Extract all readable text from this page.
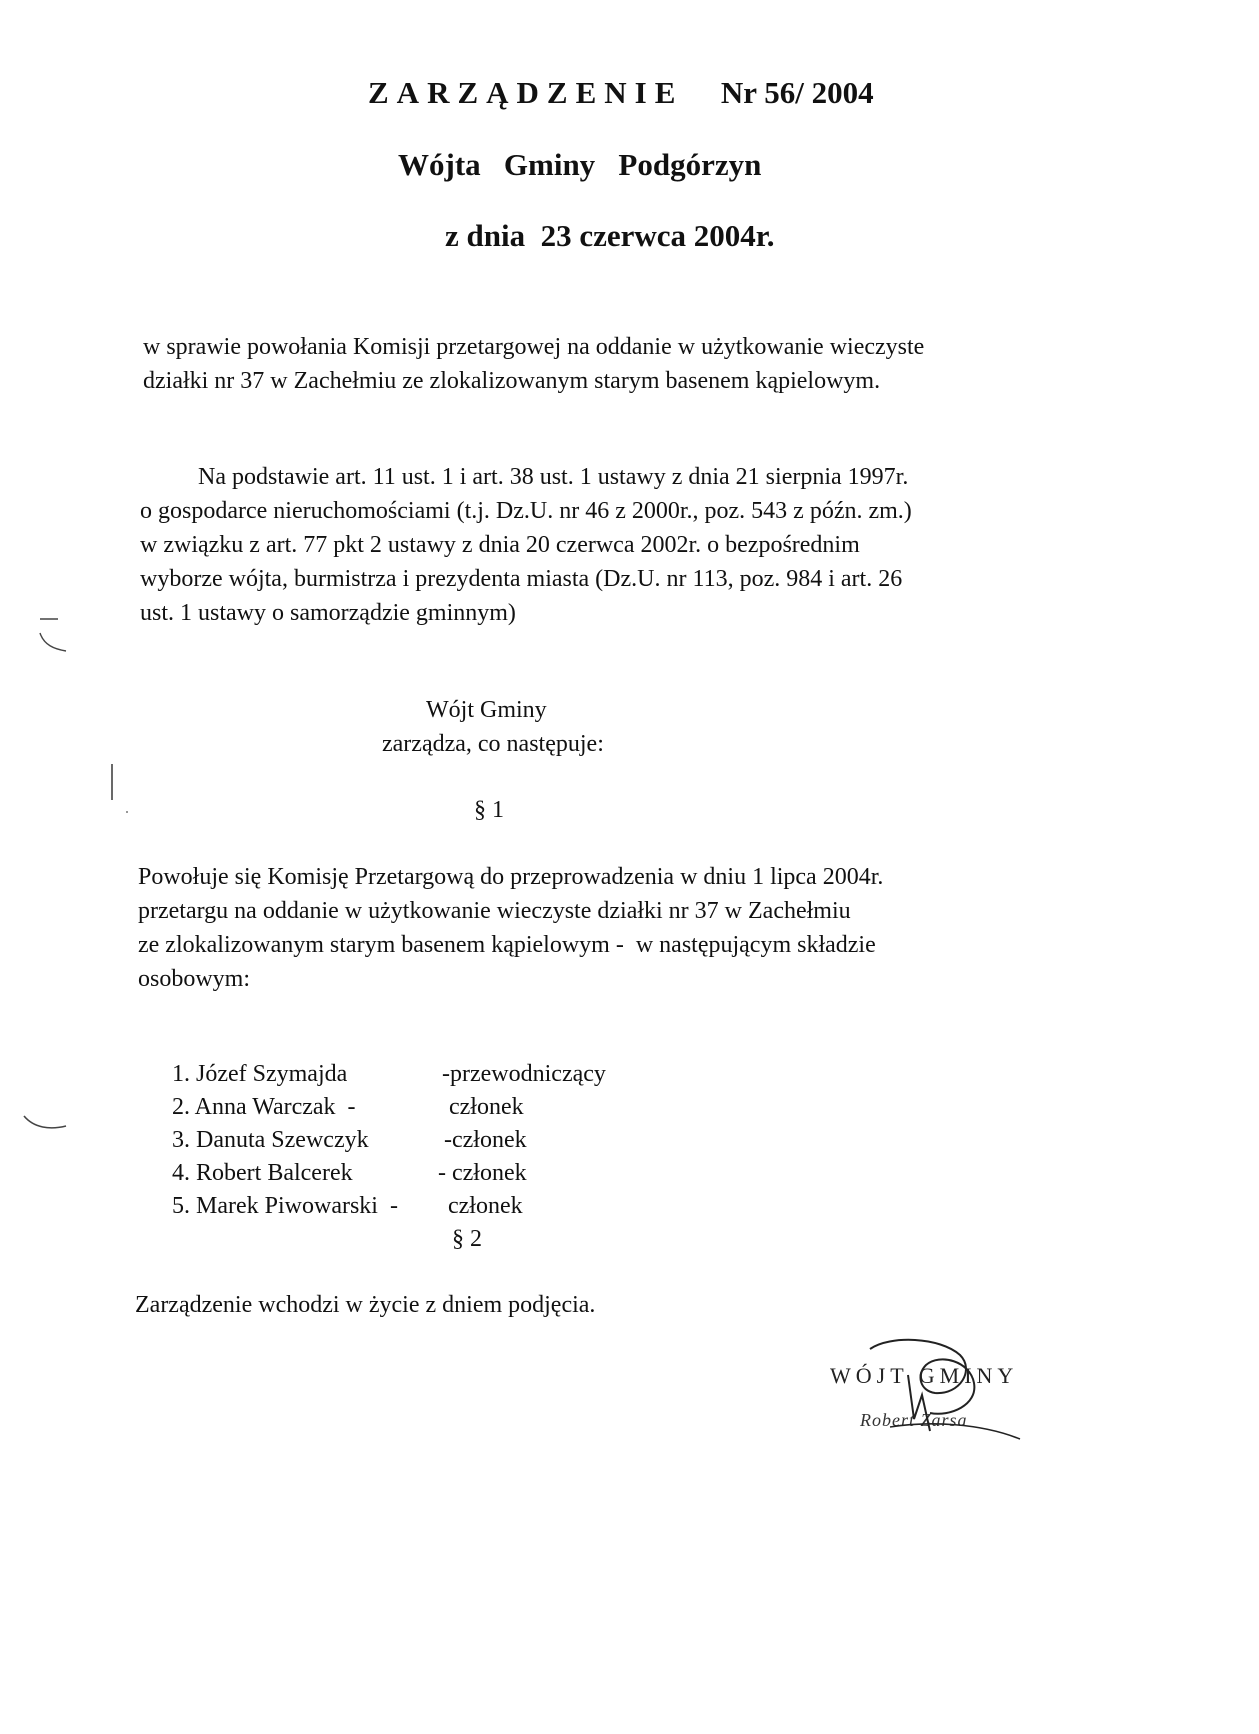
ZARZĄDZENIE Nr 56/ 2004
Wójta   Gminy   Podgórzyn
z dnia  23 czerwca 2004r.
w sprawie powołania Komisji przetargowej na oddanie w użytkowanie wieczyste
działki nr 37 w Zachełmiu ze zlokalizowanym starym basenem kąpielowym.
Na podstawie art. 11 ust. 1 i art. 38 ust. 1 ustawy z dnia 21 sierpnia 1997r.
o gospodarce nieruchomościami (t.j. Dz.U. nr 46 z 2000r., poz. 543 z późn. zm.)
w związku z art. 77 pkt 2 ustawy z dnia 20 czerwca 2002r. o bezpośrednim
wyborze wójta, burmistrza i prezydenta miasta (Dz.U. nr 113, poz. 984 i art. 26
ust. 1 ustawy o samorządzie gminnym)
Wójt Gminy
zarządza, co następuje:
§ 1
Powołuje się Komisję Przetargową do przeprowadzenia w dniu 1 lipca 2004r.
przetargu na oddanie w użytkowanie wieczyste działki nr 37 w Zachełmiu
ze zlokalizowanym starym basenem kąpielowym -  w następującym składzie
osobowym:

1. Józef Szymajda	-przewodniczący

2. Anna Warczak  -	członek

3. Danuta Szewczyk	-członek

4. Robert Balcerek	- członek

5. Marek Piwowarski  - członek

§ 2
Zarządzenie wchodzi w życie z dniem podjęcia.
WÓJT GMINY
Robert Zarsa
